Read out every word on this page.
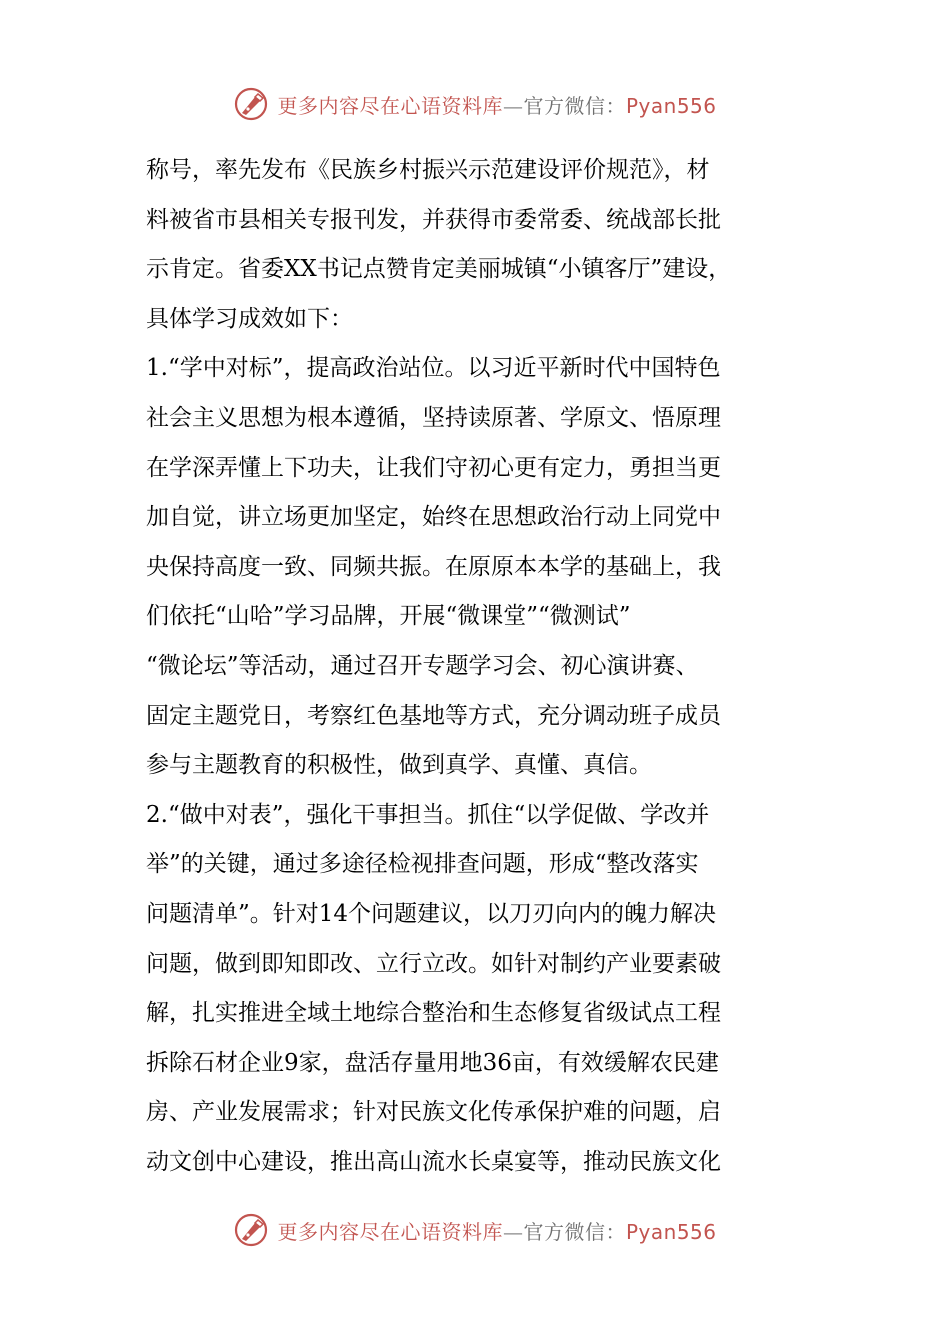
更多内容尽在心语资料库—官方微信：Pyan556
称号，率先发布《民族乡村振兴示范建设评价规范》，材
料被省市县相关专报刊发，并获得市委常委、统战部长批
示肯定。省委XX书记点赞肯定美丽城镇“小镇客厅”建设，
具体学习成效如下：
1.“学中对标”，提高政治站位。以习近平新时代中国特色
社会主义思想为根本遵循，坚持读原著、学原文、悟原理
在学深弄懂上下功夫，让我们守初心更有定力，勇担当更
加自觉，讲立场更加坚定，始终在思想政治行动上同党中
央保持高度一致、同频共振。在原原本本学的基础上，我
们依托“山哈”学习品牌，开展“微课堂”“微测试”
“微论坛”等活动，通过召开专题学习会、初心演讲赛、
固定主题党日，考察红色基地等方式，充分调动班子成员
参与主题教育的积极性，做到真学、真懂、真信。
2.“做中对表”，强化干事担当。抓住“以学促做、学改并
举”的关键，通过多途径检视排查问题，形成“整改落实
问题清单”。针对14个问题建议，以刀刃向内的魄力解决
问题，做到即知即改、立行立改。如针对制约产业要素破
解，扎实推进全域土地综合整治和生态修复省级试点工程
拆除石材企业9家，盘活存量用地36亩，有效缓解农民建
房、产业发展需求；针对民族文化传承保护难的问题，启
动文创中心建设，推出高山流水长桌宴等，推动民族文化
更多内容尽在心语资料库—官方微信：Pyan556
